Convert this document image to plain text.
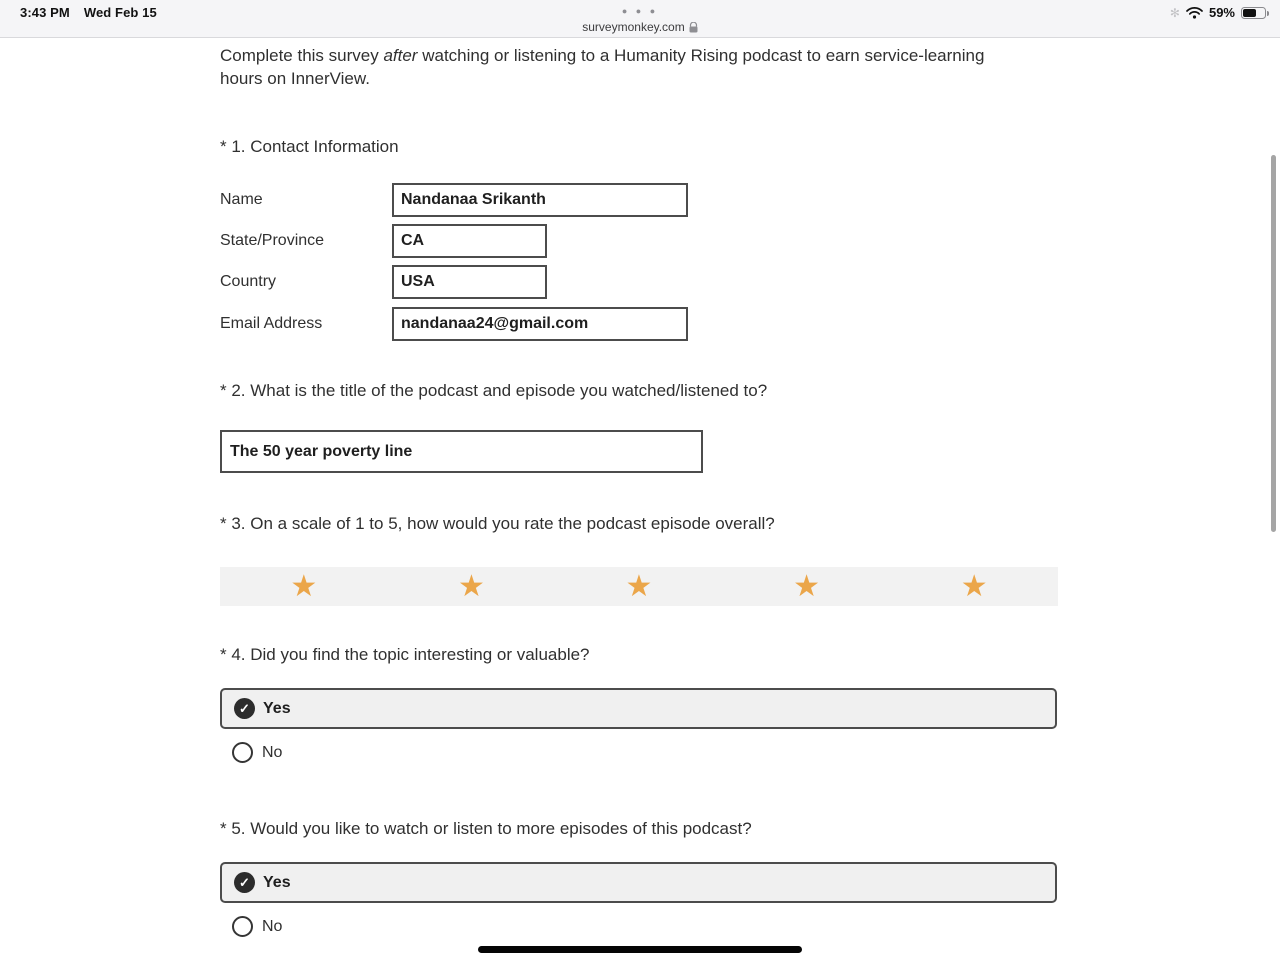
3:43 PM Wed Feb 15	● ● ●
surveymonkey.com
✻ 59%
Complete this survey after watching or listening to a Humanity Rising podcast to earn service-learning hours on InnerView.
* 1. Contact Information
Name	Nandanaa Srikanth
State/Province	CA
Country	USA
Email Address	nandanaa24@gmail.com
* 2. What is the title of the podcast and episode you watched/listened to?
The 50 year poverty line
* 3. On a scale of 1 to 5, how would you rate the podcast episode overall?
★	★	★	★	★
* 4. Did you find the topic interesting or valuable?
✓ Yes
No
* 5. Would you like to watch or listen to more episodes of this podcast?
✓ Yes
No
